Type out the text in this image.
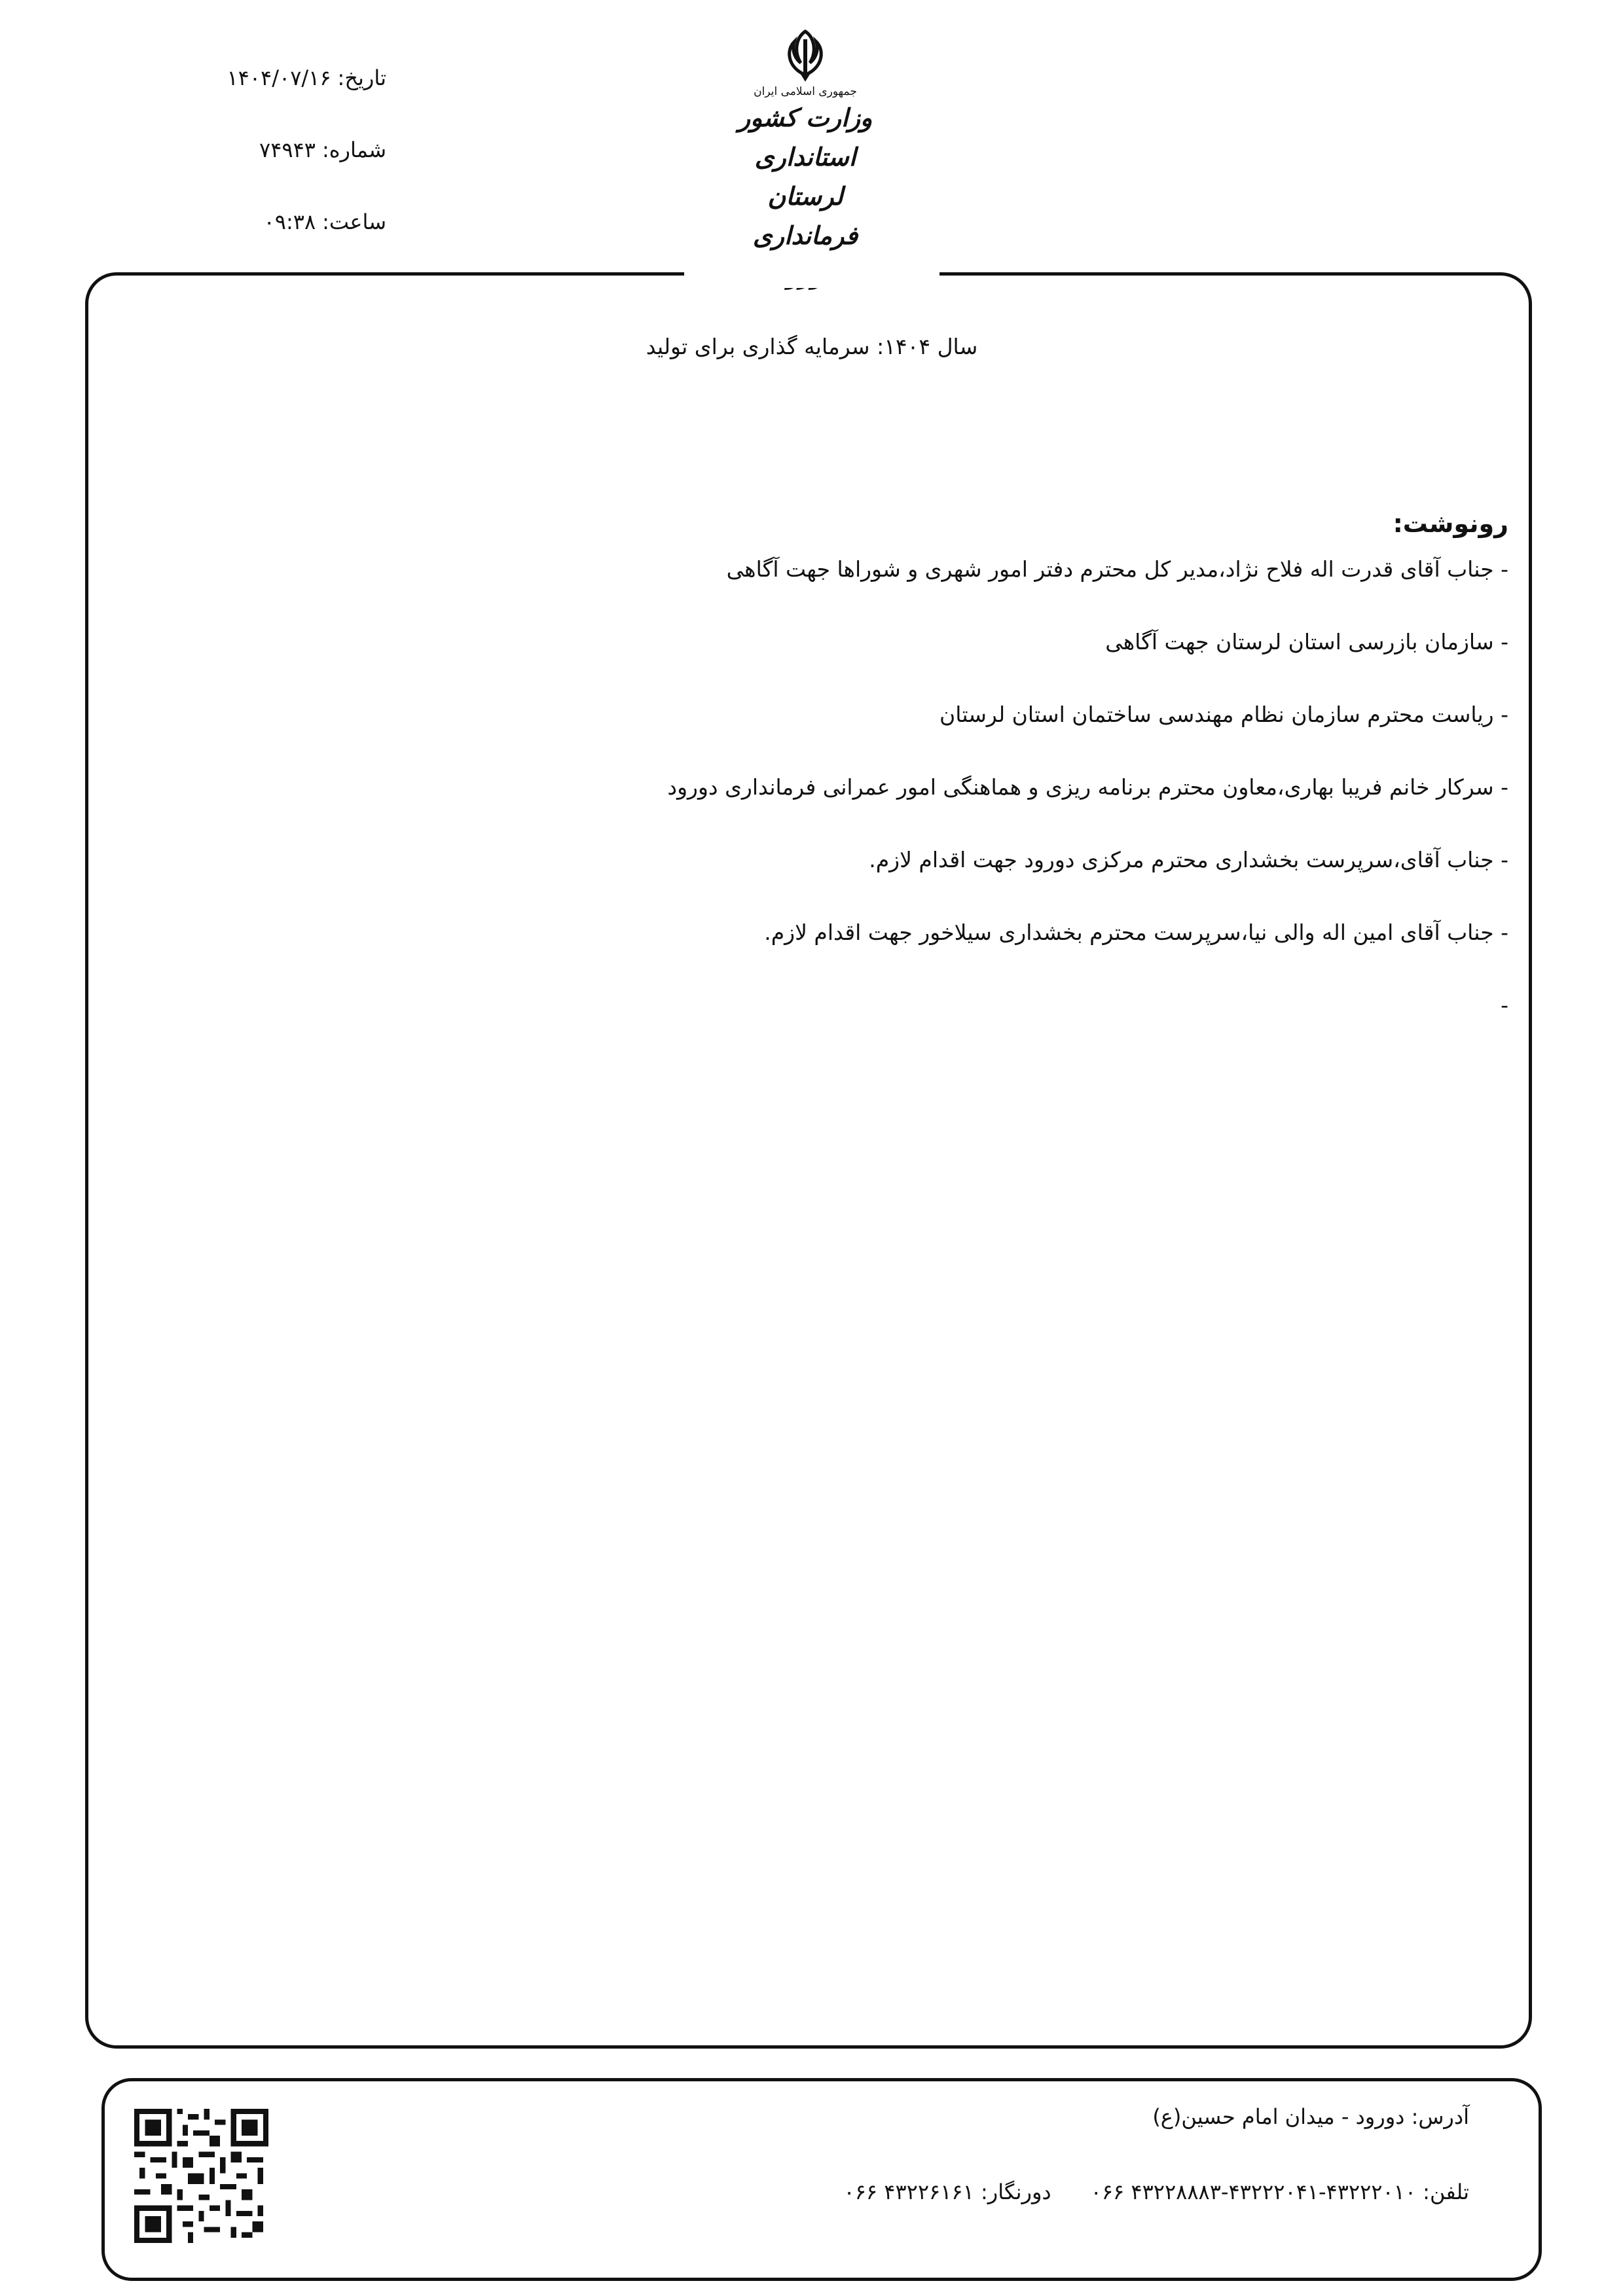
تاریخ:۱۴۰۴/۰۷/۱۶
شماره:۷۴۹۴۳
ساعت:۰۹:۳۸
جمهوری اسلامی ایران
وزارت کشور
استانداری لرستان
فرمانداری
سال ۱۴۰۴: سرمایه گذاری برای تولید
رونوشت:
- جناب آقای قدرت اله فلاح نژاد،مدیر کل محترم دفتر امور شهری و شوراها جهت آگاهی
- سازمان بازرسی استان لرستان جهت آگاهی
- ریاست محترم سازمان نظام مهندسی ساختمان استان لرستان
- سرکار خانم فریبا بهاری،معاون محترم برنامه ریزی و هماهنگی امور عمرانی فرمانداری دورود
- جناب آقای،سرپرست بخشداری محترم مرکزی دورود جهت اقدام لازم.
- جناب آقای امین اله والی نیا،سرپرست محترم بخشداری سیلاخور جهت اقدام لازم.
-
آدرس: دورود - میدان امام حسین(ع)
تلفن: ۴۳۲۲۲۰۱۰-۴۳۲۲۲۰۴۱-۴۳۲۲۸۸۸۳ ۰۶۶دورنگار: ۴۳۲۲۶۱۶۱ ۰۶۶
